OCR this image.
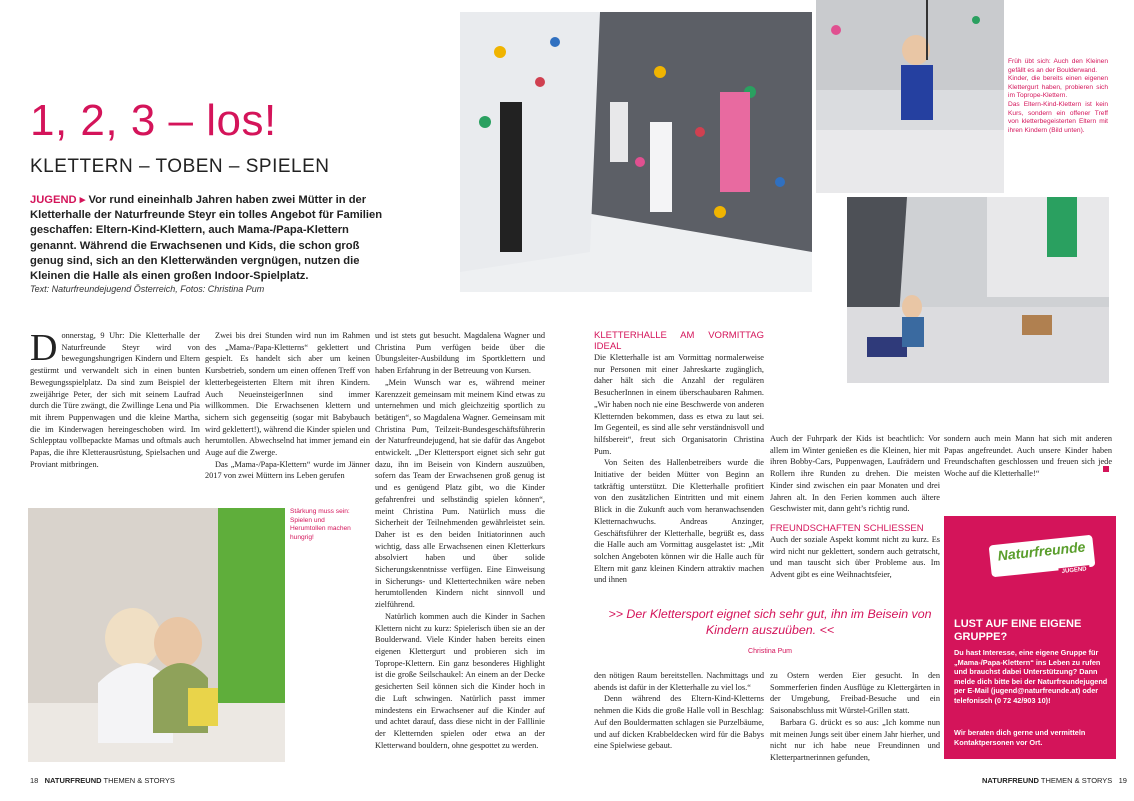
1, 2, 3 – los!
KLETTERN – TOBEN – SPIELEN
JUGEND ▸ Vor rund eineinhalb Jahren haben zwei Mütter in der Kletterhalle der Naturfreunde Steyr ein tolles Angebot für Familien geschaffen: Eltern-Kind-Klettern, auch Mama-/Papa-Klettern genannt. Während die Erwachsenen und Kids, die schon groß genug sind, sich an den Kletterwänden vergnügen, nutzen die Kleinen die Halle als einen großen Indoor-Spielplatz.
Text: Naturfreundejugend Österreich, Fotos: Christina Pum
D onnerstag, 9 Uhr: Die Kletterhalle der Naturfreunde Steyr wird von bewegungshungrigen Kindern und Eltern gestürmt und verwandelt sich in einen bunten Bewegungsspielplatz. Da sind zum Beispiel der zweijährige Peter, der sich mit seinem Laufrad durch die Türe zwängt, die Zwillinge Lena und Pia mit ihrem Puppenwagen und die kleine Martha, die im Kinderwagen hereingeschoben wird. Im Schlepptau vollbepackte Mamas und oftmals auch Papas, die ihre Kletterausrüstung, Spielsachen und Proviant mitbringen.

Zwei bis drei Stunden wird nun im Rahmen des „Mama-/Papa-Kletterns“ geklettert und gespielt. Es handelt sich aber um keinen Kursbetrieb, sondern um einen offenen Treff von kletterbegeisterten Eltern mit ihren Kindern. Auch NeueinsteigerInnen sind immer willkommen. Die Erwachsenen klettern und sichern sich gegenseitig (sogar mit Babybauch wird geklettert!), während die Kinder spielen und herumtollen. Abwechselnd hat immer jemand ein Auge auf die Zwerge.

Das „Mama-/Papa-Klettern“ wurde im Jänner 2017 von zwei Müttern ins Leben gerufen

und ist stets gut besucht. Magdalena Wagner und Christina Pum verfügen beide über die Übungsleiter-Ausbildung im Sportklettern und haben Erfahrung in der Betreuung von Kursen.

„Mein Wunsch war es, während meiner Karenzzeit gemeinsam mit meinem Kind etwas zu unternehmen und mich gleichzeitig sportlich zu betätigen“, so Magdalena Wagner. Gemeinsam mit Christina Pum, Teilzeit-Bundesgeschäftsführerin der Naturfreundejugend, hat sie dafür das Angebot entwickelt. „Der Klettersport eignet sich sehr gut dazu, ihn im Beisein von Kindern auszuüben, sofern das Team der Erwachsenen groß genug ist und es genügend Platz gibt, wo die Kinder gefahrenfrei und selbständig spielen können“, meint Christina Pum. Natürlich muss die Sicherheit der Teilnehmenden gewährleistet sein. Daher ist es den beiden Initiatorinnen auch wichtig, dass alle Erwachsenen einen Kletterkurs absolviert haben und über solide Sicherungskenntnisse verfügen. Eine Einweisung in Sicherungs- und Klettertechniken wäre neben herumtollenden Kindern nicht sinnvoll und zielführend.

Natürlich kommen auch die Kinder in Sachen Klettern nicht zu kurz: Spielerisch üben sie an der Boulderwand. Viele Kinder haben bereits einen eigenen Klettergurt und probieren sich im Toprope-Klettern. Ein ganz besonderes Highlight ist die große Seilschaukel: An einem an der Decke gesicherten Seil können sich die Kinder hoch in die Luft schwingen. Natürlich passt immer mindestens ein Erwachsener auf die Kinder auf und achtet darauf, dass diese nicht in der Falllinie der Kletternden spielen oder etwa an der Kletterwand bouldern, ohne gespottet zu werden.

Stärkung muss sein: Spielen und Herumtollen machen hungrig!
18 NATURFREUND THEMEN & STORYS

Früh übt sich: Auch den Kleinen gefällt es an der Boulderwand.

Kinder, die bereits einen eigenen Klettergurt haben, probieren sich im Toprope-Klettern.

Das Eltern-Kind-Klettern ist kein Kurs, sondern ein offener Treff von kletterbegeisterten Eltern mit ihren Kindern (Bild unten).

KLETTERHALLE AM VORMITTAG IDEAL

Die Kletterhalle ist am Vormittag normalerweise nur Personen mit einer Jahreskarte zugänglich, daher hält sich die Anzahl der regulären BesucherInnen in einem überschaubaren Rahmen. „Wir haben noch nie eine Beschwerde von anderen Kletternden bekommen, dass es etwa zu laut sei. Im Gegenteil, es sind alle sehr verständnisvoll und hilfsbereit“, freut sich Organisatorin Christina Pum.

Von Seiten des Hallenbetreibers wurde die Initiative der beiden Mütter von Beginn an tatkräftig unterstützt. Die Kletterhalle profitiert von den zusätzlichen Eintritten und mit einem Blick in die Zukunft auch vom heranwachsenden Kletternachwuchs. Andreas Anzinger, Geschäftsführer der Kletterhalle, begrüßt es, dass die Halle auch am Vormittag ausgelastet ist: „Mit solchen Angeboten können wir die Halle auch für Eltern mit ganz kleinen Kindern attraktiv machen und ihnen

den nötigen Raum bereitstellen. Nachmittags und abends ist dafür in der Kletterhalle zu viel los.“

Denn während des Eltern-Kind-Kletterns nehmen die Kids die große Halle voll in Beschlag: Auf den Bouldermatten schlagen sie Purzelbäume, und auf dicken Krabbeldecken wird für die Babys eine Spielwiese gebaut.

Auch der Fuhrpark der Kids ist beachtlich: Vor allem im Winter genießen es die Kleinen, hier mit ihren Bobby-Cars, Puppenwagen, Laufrädern und Rollern ihre Runden zu drehen. Die meisten Kinder sind zwischen ein paar Monaten und drei Jahren alt. In den Ferien kommen auch ältere Geschwister mit, dann geht’s richtig rund.

FREUNDSCHAFTEN SCHLIESSEN

Auch der soziale Aspekt kommt nicht zu kurz. Es wird nicht nur geklettert, sondern auch getratscht, und man tauscht sich über Probleme aus. Im Advent gibt es eine Weihnachtsfeier,

zu Ostern werden Eier gesucht. In den Sommerferien finden Ausflüge zu Klettergärten in der Umgebung, Freibad-Besuche und ein Saisonabschluss mit Würstel-Grillen statt.

Barbara G. drückt es so aus: „Ich komme nun mit meinen Jungs seit über einem Jahr hierher, und nicht nur ich habe neue Freundinnen und Kletterpartnerinnen gefunden,

sondern auch mein Mann hat sich mit anderen Papas angefreundet. Auch unsere Kinder haben Freundschaften geschlossen und freuen sich jede Woche auf die Kletterhalle!“

>> Der Klettersport eignet sich sehr gut, ihn im Beisein von Kindern auszuüben. <<
Christina Pum
Naturfreunde
JUGEND
LUST AUF EINE EIGENE GRUPPE?

Du hast Interesse, eine eigene Gruppe für „Mama-/Papa-Klettern“ ins Leben zu rufen und brauchst dabei Unterstützung? Dann melde dich bitte bei der Naturfreundejugend per E-Mail (jugend@naturfreunde.at) oder telefonisch (0 72 42/903 10)!

Wir beraten dich gerne und vermitteln Kontaktpersonen vor Ort.

NATURFREUND THEMEN & STORYS 19
